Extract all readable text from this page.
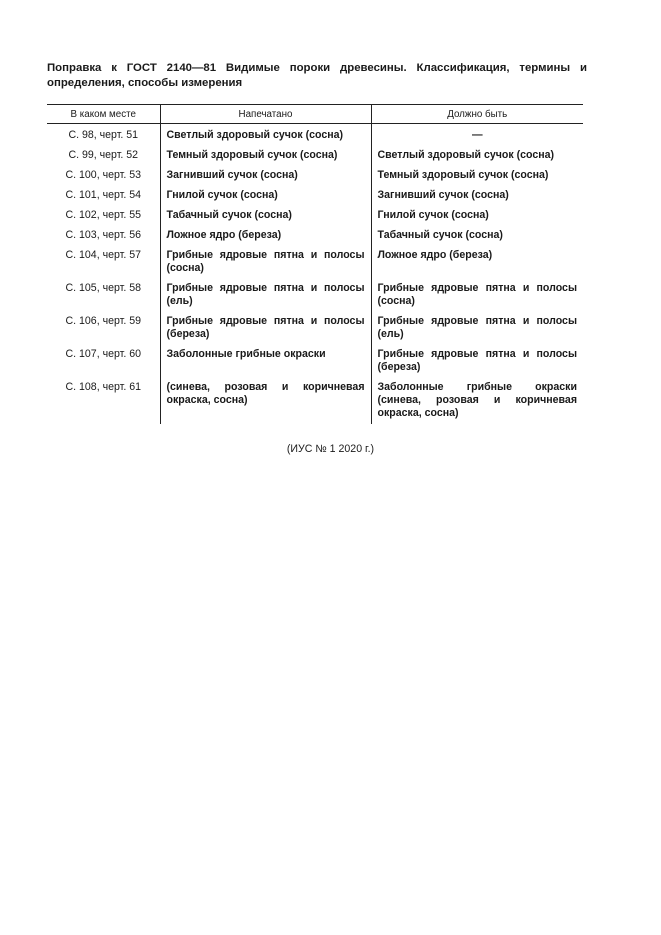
Поправка к ГОСТ 2140—81 Видимые пороки древесины. Классификация, термины и определения, способы измерения
В каком месте	Напечатано	Должно быть
С. 98, черт. 51	Светлый здоровый сучок (сосна)	—
С. 99, черт. 52	Темный здоровый сучок (сосна)	Светлый здоровый сучок (сосна)
С. 100, черт. 53	Загнивший сучок (сосна)	Темный здоровый сучок (сосна)
С. 101, черт. 54	Гнилой сучок (сосна)	Загнивший сучок (сосна)
С. 102, черт. 55	Табачный сучок (сосна)	Гнилой сучок (сосна)
С. 103, черт. 56	Ложное ядро (береза)	Табачный сучок (сосна)
С. 104, черт. 57	Грибные ядровые пятна и полосы (сосна)	Ложное ядро (береза)
С. 105, черт. 58	Грибные ядровые пятна и полосы (ель)	Грибные ядровые пятна и полосы (сосна)
С. 106, черт. 59	Грибные ядровые пятна и полосы (береза)	Грибные ядровые пятна и полосы (ель)
С. 107, черт. 60	Заболонные грибные окраски	Грибные ядровые пятна и полосы (береза)
С. 108, черт. 61	(синева, розовая и коричневая окраска, сосна)	Заболонные грибные окраски (синева, розовая и коричневая окраска, сосна)
(ИУС № 1 2020 г.)
